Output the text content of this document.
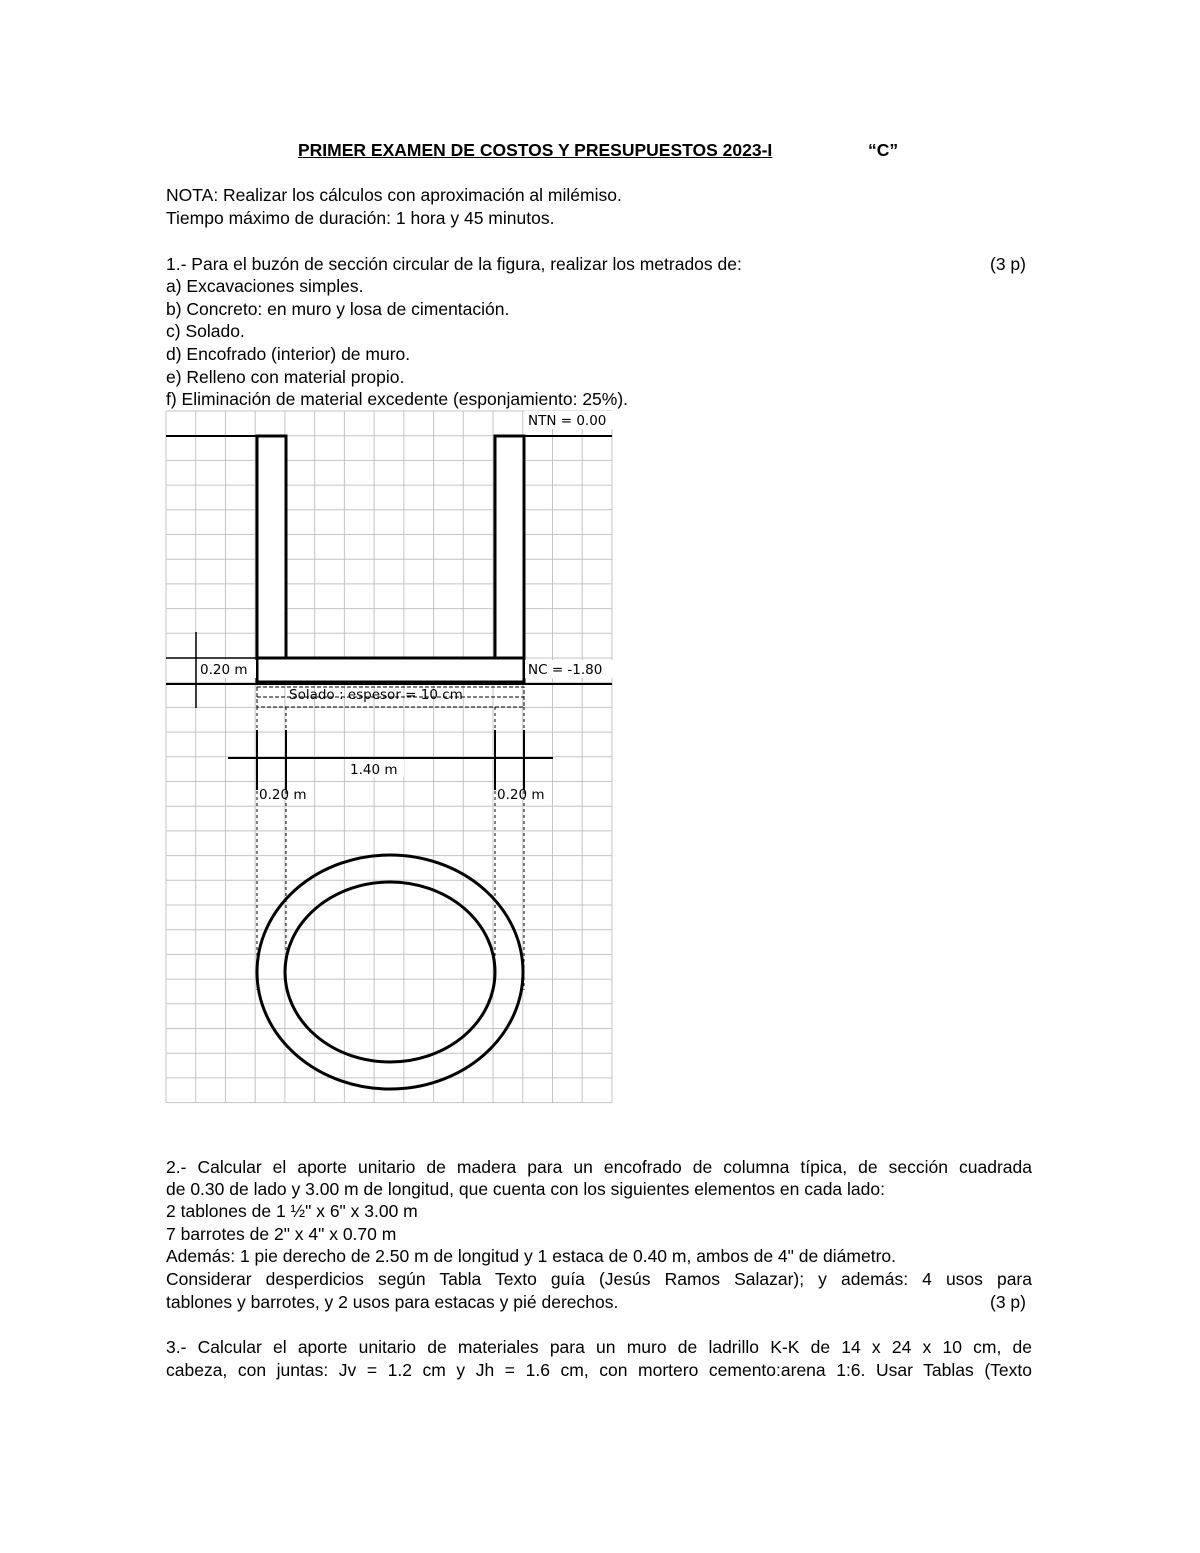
PRIMER EXAMEN DE COSTOS Y PRESUPUESTOS 2023-I	“C”
NOTA: Realizar los cálculos con aproximación al milémiso.
Tiempo máximo de duración: 1 hora y 45 minutos.
1.- Para el buzón de sección circular de la figura, realizar los metrados de:	(3 p)
a) Excavaciones simples.
b) Concreto: en muro y losa de cimentación.
c) Solado.
d) Encofrado (interior) de muro.
e) Relleno con material propio.
f) Eliminación de material excedente (esponjamiento: 25%).
NTN = 0.00
0.20 m	NC = -1.80
Solado : espesor = 10 cm
1.40 m
0.20 m	0.20 m
2.- Calcular el aporte unitario de madera para un encofrado de columna típica, de sección cuadrada
de 0.30 de lado y 3.00 m de longitud, que cuenta con los siguientes elementos en cada lado:
2 tablones de 1 ½" x 6" x 3.00 m
7 barrotes de 2" x 4" x 0.70 m
Además: 1 pie derecho de 2.50 m de longitud y 1 estaca de 0.40 m, ambos de 4" de diámetro.
Considerar desperdicios según Tabla Texto guía (Jesús Ramos Salazar); y además: 4 usos para
tablones y barrotes, y 2 usos para estacas y pié derechos.	(3 p)
3.- Calcular el aporte unitario de materiales para un muro de ladrillo K-K de 14 x 24 x 10 cm, de
cabeza, con juntas: Jv = 1.2 cm y Jh = 1.6 cm, con mortero cemento:arena 1:6. Usar Tablas (Texto
